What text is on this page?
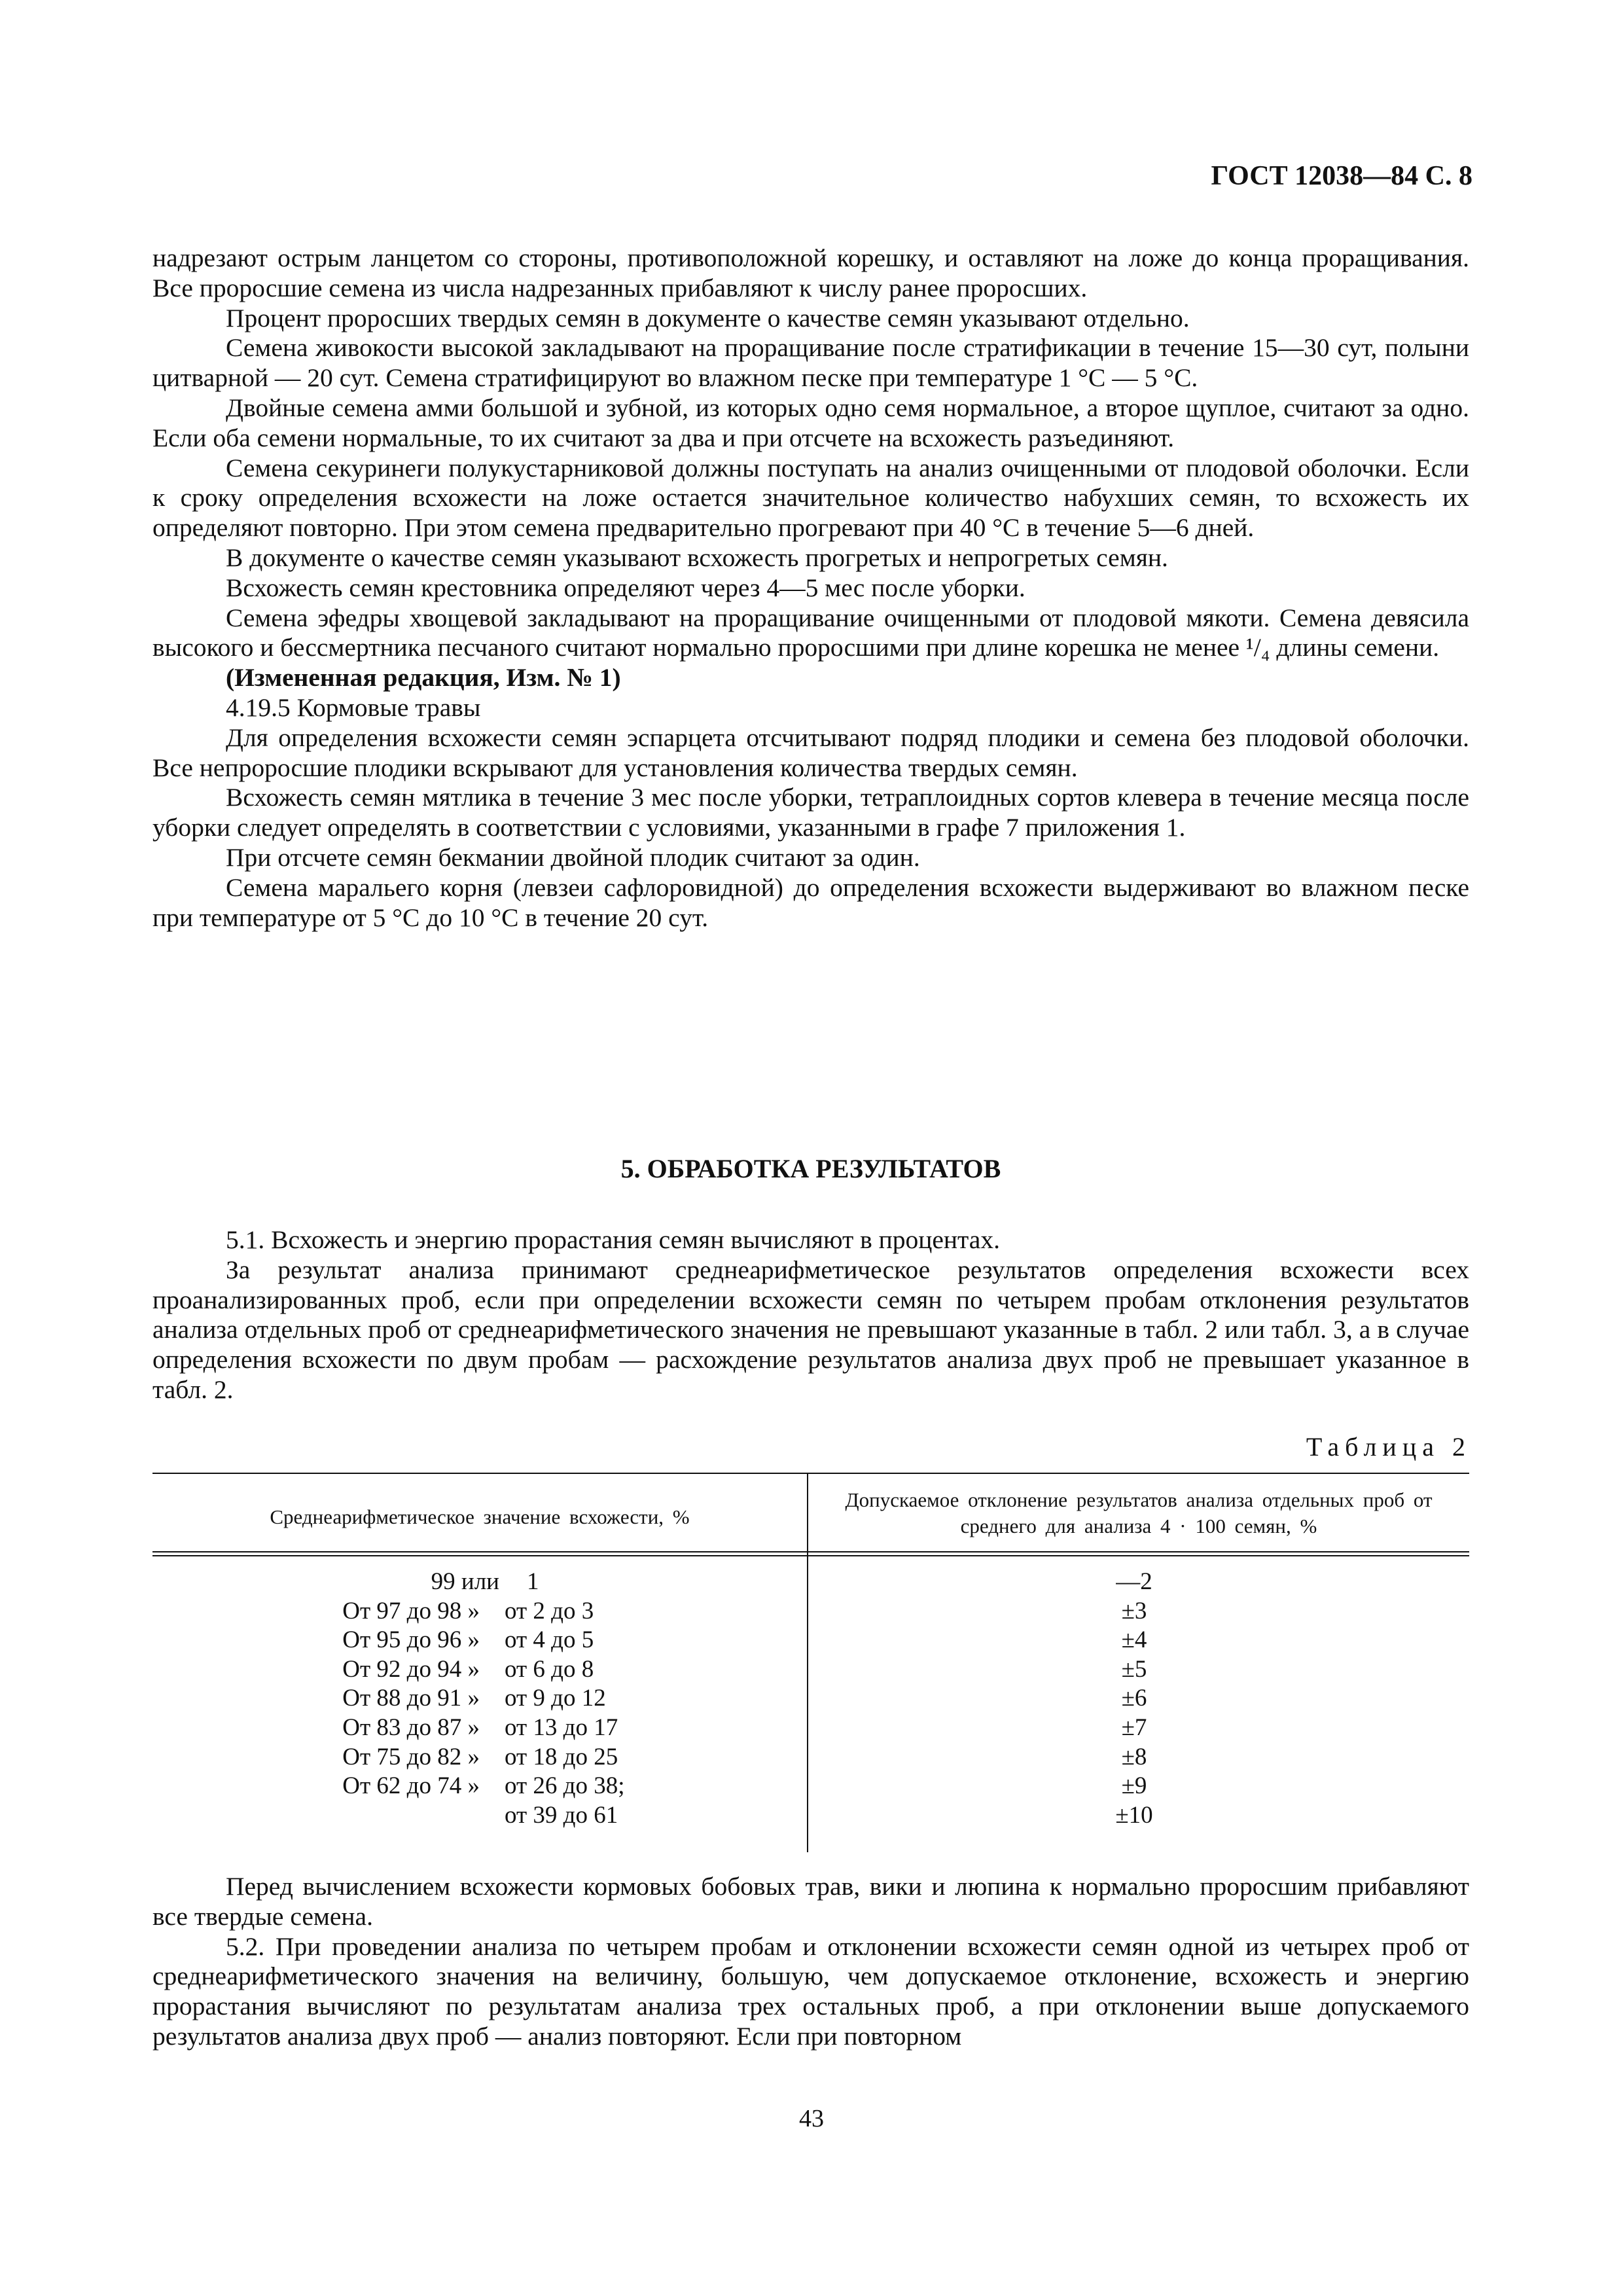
ГОСТ 12038—84 С. 8

надрезают острым ланцетом со стороны, противоположной корешку, и оставляют на ложе до конца проращивания. Все проросшие семена из числа надрезанных прибавляют к числу ранее проросших.

Процент проросших твердых семян в документе о качестве семян указывают отдельно.

Семена живокости высокой закладывают на проращивание после стратификации в течение 15—30 сут, полыни цитварной — 20 сут. Семена стратифицируют во влажном песке при температуре 1 °С — 5 °С.

Двойные семена амми большой и зубной, из которых одно семя нормальное, а второе щуплое, считают за одно. Если оба семени нормальные, то их считают за два и при отсчете на всхожесть разъединяют.

Семена секуринеги полукустарниковой должны поступать на анализ очищенными от плодовой оболочки. Если к сроку определения всхожести на ложе остается значительное количество набухших семян, то всхожесть их определяют повторно. При этом семена предварительно прогревают при 40 °С в течение 5—6 дней.

В документе о качестве семян указывают всхожесть прогретых и непрогретых семян.

Всхожесть семян крестовника определяют через 4—5 мес после уборки.

Семена эфедры хвощевой закладывают на проращивание очищенными от плодовой мякоти. Семена девясила высокого и бессмертника песчаного считают нормально проросшими при длине корешка не менее ¹/₄ длины семени.

(Измененная редакция, Изм. № 1)

4.19.5 Кормовые травы

Для определения всхожести семян эспарцета отсчитывают подряд плодики и семена без плодовой оболочки. Все непроросшие плодики вскрывают для установления количества твердых семян.

Всхожесть семян мятлика в течение 3 мес после уборки, тетраплоидных сортов клевера в течение месяца после уборки следует определять в соответствии с условиями, указанными в графе 7 приложения 1.

При отсчете семян бекмании двойной плодик считают за один.

Семена маральего корня (левзеи сафлоровидной) до определения всхожести выдерживают во влажном песке при температуре от 5 °С до 10 °С в течение 20 сут.

5. ОБРАБОТКА РЕЗУЛЬТАТОВ

5.1. Всхожесть и энергию прорастания семян вычисляют в процентах.

За результат анализа принимают среднеарифметическое результатов определения всхожести всех проанализированных проб, если при определении всхожести семян по четырем пробам отклонения результатов анализа отдельных проб от среднеарифметического значения не превышают указанные в табл. 2 или табл. 3, а в случае определения всхожести по двум пробам — расхождение результатов анализа двух проб не превышает указанное в табл. 2.

Таблица 2
Среднеарифметическое значение всхожести, %
Допускаемое отклонение результатов анализа отдельных проб от среднего для анализа 4 · 100 семян, %
99 или 1	—2
От 97 до 98 » от 2 до 3	±3
От 95 до 96 » от 4 до 5	±4
От 92 до 94 » от 6 до 8	±5
От 88 до 91 » от 9 до 12	±6
От 83 до 87 » от 13 до 17	±7
От 75 до 82 » от 18 до 25	±8
От 62 до 74 » от 26 до 38;	±9
от 39 до 61	±10

Перед вычислением всхожести кормовых бобовых трав, вики и люпина к нормально проросшим прибавляют все твердые семена.

5.2. При проведении анализа по четырем пробам и отклонении всхожести семян одной из четырех проб от среднеарифметического значения на величину, большую, чем допускаемое отклонение, всхожесть и энергию прорастания вычисляют по результатам анализа трех остальных проб, а при отклонении выше допускаемого результатов анализа двух проб — анализ повторяют. Если при повторном

43
